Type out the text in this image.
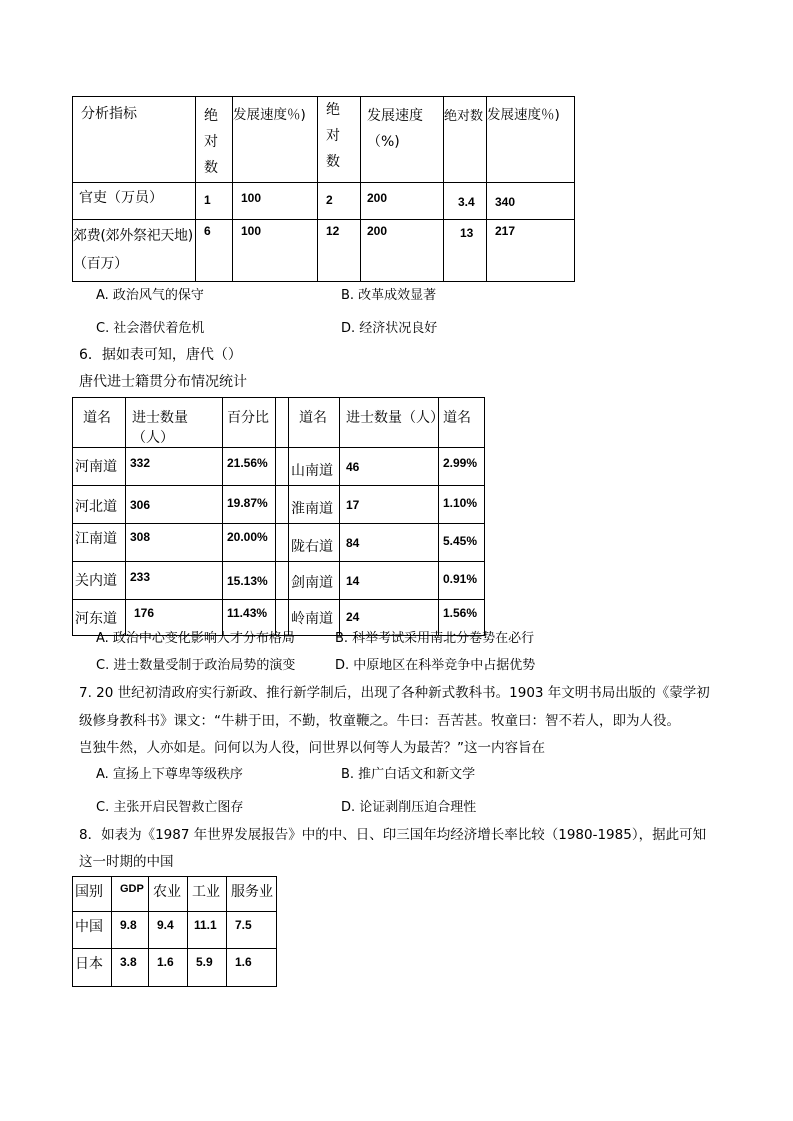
分析指标	绝对数	发展速度％)	绝对数	发展速度（%)	绝对数	发展速度％)

官吏（万员）	1	100	2	200	3.4	340

郊费(郊外祭祀天地)（百万）	6	100	12	200	13	217
A. 政治风气的保守	B. 改革成效显著
C. 社会潜伏着危机	D. 经济状况良好
6．据如表可知，唐代（）
唐代进士籍贯分布情况统计
道名	进士数量（人）	百分比		道名	进士数量（人）	道名

河南道	332	21.56%		山南道	46	2.99%

河北道	306	19.87%		淮南道	17	1.10%

江南道	308	20.00%		陇右道	84	5.45%

关内道	233	15.13%		剑南道	14	0.91%

河东道	176	11.43%		岭南道	24	1.56%
A. 政治中心变化影响人才分布格局	B. 科举考试采用南北分卷势在必行
C. 进士数量受制于政治局势的演变	D. 中原地区在科举竞争中占据优势
7. 20 世纪初清政府实行新政、推行新学制后，出现了各种新式教科书。1903 年文明书局出版的《蒙学初
级修身教科书》课文：“牛耕于田，不勤，牧童鞭之。牛曰：吾苦甚。牧童曰：智不若人，即为人役。
岂独牛然，人亦如是。问何以为人役，问世界以何等人为最苦？”这一内容旨在
A. 宣扬上下尊卑等级秩序	B. 推广白话文和新文学
C. 主张开启民智救亡图存	D. 论证剥削压迫合理性
8．如表为《1987 年世界发展报告》中的中、日、印三国年均经济增长率比较（1980-1985），据此可知
这一时期的中国
国别	GDP	农业	工业	服务业

中国	9.8	9.4	11.1	7.5

日本	3.8	1.6	5.9	1.6
